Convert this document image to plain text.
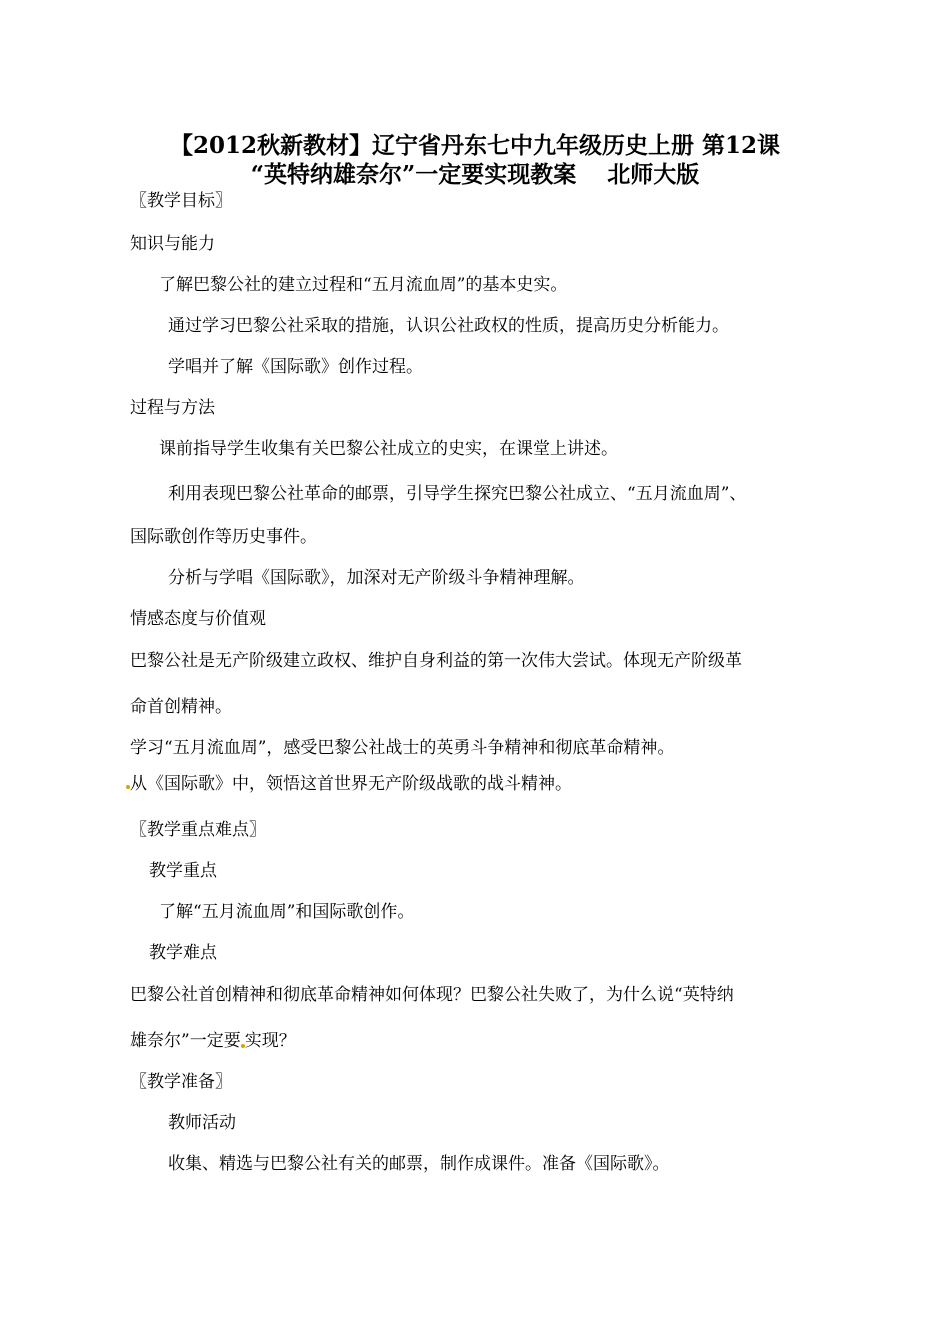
【2012秋新教材】辽宁省丹东七中九年级历史上册 第12课
“英特纳雄奈尔”一定要实现教案　 北师大版

〖教学目标〗

知识与能力

了解巴黎公社的建立过程和“五月流血周”的基本史实。

通过学习巴黎公社采取的措施，认识公社政权的性质，提高历史分析能力。

学唱并了解《国际歌》创作过程。

过程与方法

课前指导学生收集有关巴黎公社成立的史实，在课堂上讲述。

利用表现巴黎公社革命的邮票，引导学生探究巴黎公社成立、“五月流血周”、

国际歌创作等历史事件。

分析与学唱《国际歌》，加深对无产阶级斗争精神理解。

情感态度与价值观

巴黎公社是无产阶级建立政权、维护自身利益的第一次伟大尝试。体现无产阶级革

命首创精神。

学习“五月流血周”，感受巴黎公社战士的英勇斗争精神和彻底革命精神。

从《国际歌》中，领悟这首世界无产阶级战歌的战斗精神。

〖教学重点难点〗

教学重点

了解“五月流血周”和国际歌创作。

教学难点

巴黎公社首创精神和彻底革命精神如何体现？巴黎公社失败了，为什么说“英特纳

雄奈尔”一定要 实现？

〖教学准备〗

教师活动

收集、精选与巴黎公社有关的邮票，制作成课件。准备《国际歌》。
